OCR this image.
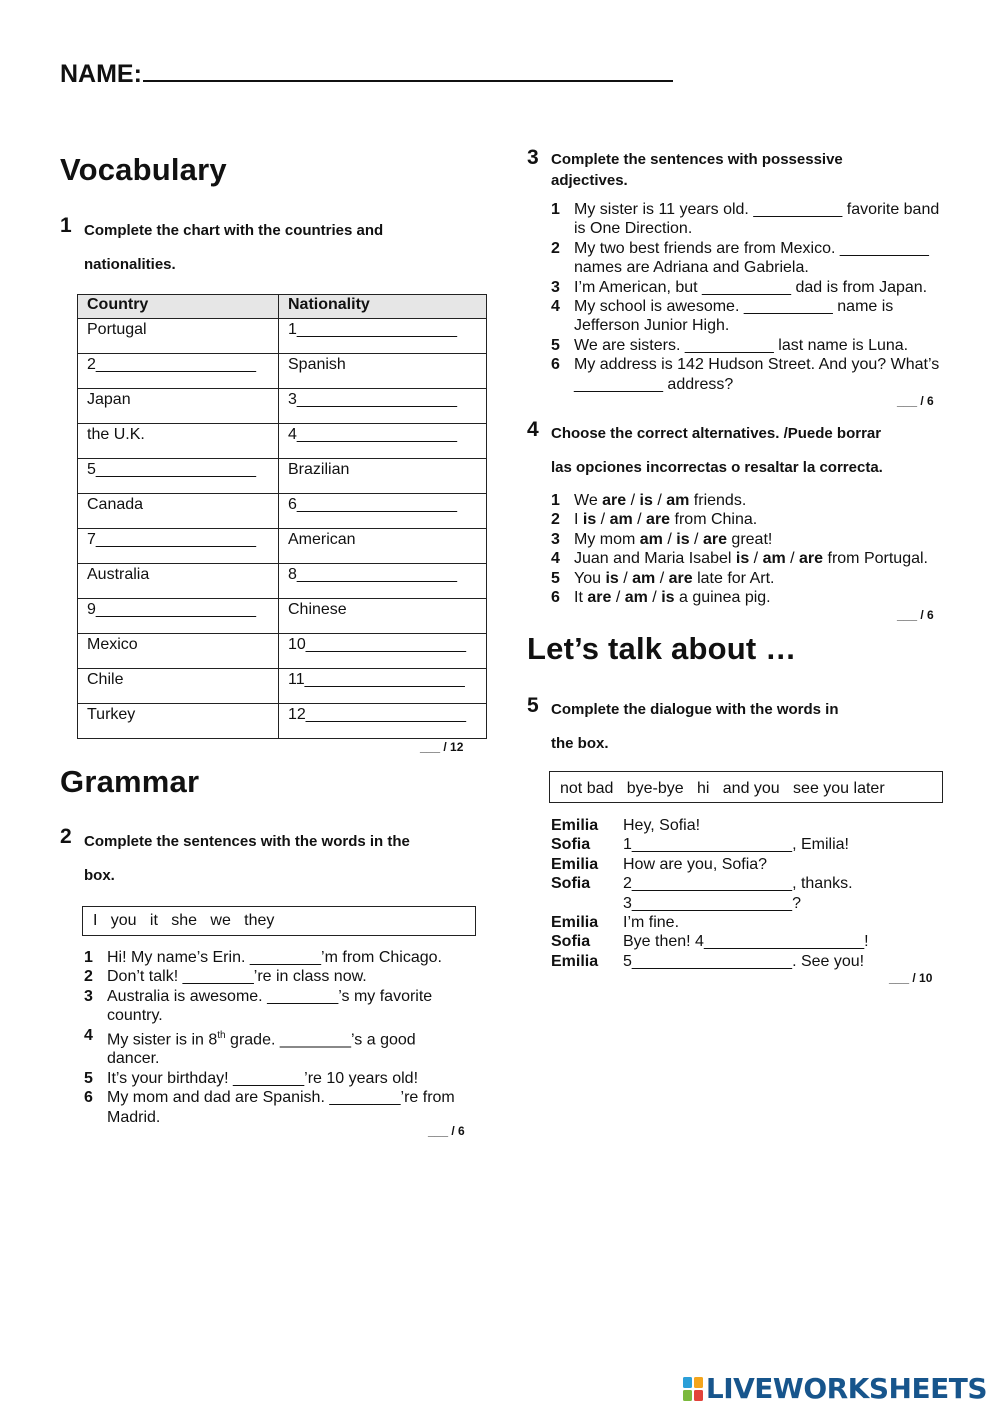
NAME:
Vocabulary
1 Complete the chart with the countries and
nationalities.
Country	Nationality
Portugal	1__________________
2__________________	Spanish
Japan	3__________________
the U.K.	4__________________
5__________________	Brazilian
Canada	6__________________
7__________________	American
Australia	8__________________
9__________________	Chinese
Mexico	10__________________
Chile	11__________________
Turkey	12__________________
___ / 12
Grammar
2 Complete the sentences with the words in the
box.
I   you   it   she   we   they
1 Hi! My name’s Erin. ________’m from Chicago.
2 Don’t talk! ________’re in class now.
3 Australia is awesome. ________’s my favorite country.
4 My sister is in 8th grade. ________’s a good dancer.
5 It’s your birthday! ________’re 10 years old!
6 My mom and dad are Spanish. ________’re from Madrid.
___ / 6
3 Complete the sentences with possessive adjectives.
1 My sister is 11 years old. __________ favorite band is One Direction.
2 My two best friends are from Mexico. __________ names are Adriana and Gabriela.
3 I’m American, but __________ dad is from Japan.
4 My school is awesome. __________ name is Jefferson Junior High.
5 We are sisters. __________ last name is Luna.
6 My address is 142 Hudson Street. And you? What’s __________ address?
___ / 6
4 Choose the correct alternatives. /Puede borrar
las opciones incorrectas o resaltar la correcta.
1 We are / is / am friends.
2 I is / am / are from China.
3 My mom am / is / are great!
4 Juan and Maria Isabel is / am / are from Portugal.
5 You is / am / are late for Art.
6 It are / am / is a guinea pig.
___ / 6
Let’s talk about …
5 Complete the dialogue with the words in
the box.
not bad   bye-bye   hi   and you   see you later
Emilia	Hey, Sofia!
Sofia	1__________________, Emilia!
Emilia	How are you, Sofia?
Sofia	2__________________, thanks.
3__________________?
Emilia	I’m fine.
Sofia	Bye then! 4__________________!
Emilia	5__________________. See you!
___ / 10
LIVEWORKSHEETS
